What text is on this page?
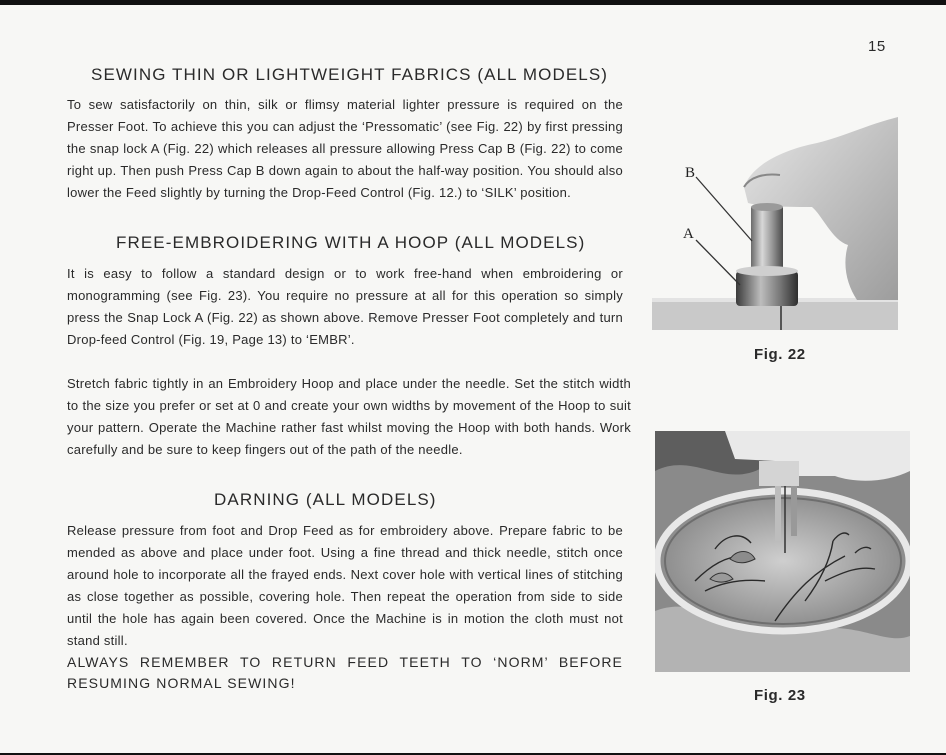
15
SEWING THIN OR LIGHTWEIGHT FABRICS (ALL MODELS)

To sew satisfactorily on thin, silk or flimsy material lighter pressure is required on the Presser Foot. To achieve this you can adjust the ‘Pressomatic’ (see Fig. 22) by first pressing the snap lock A (Fig. 22) which releases all pressure allowing Press Cap B (Fig. 22) to come right up. Then push Press Cap B down again to about the half-way position. You should also lower the Feed slightly by turning the Drop-Feed Control (Fig. 12.) to ‘SILK’ position.

FREE-EMBROIDERING WITH A HOOP (ALL MODELS)

It is easy to follow a standard design or to work free-hand when embroidering or monogramming (see Fig. 23). You require no pressure at all for this operation so simply press the Snap Lock A (Fig. 22) as shown above. Remove Presser Foot completely and turn Drop-feed Control (Fig. 19, Page 13) to ‘EMBR’.

Stretch fabric tightly in an Embroidery Hoop and place under the needle. Set the stitch width to the size you prefer or set at 0 and create your own widths by movement of the Hoop to suit your pattern. Operate the Machine rather fast whilst moving the Hoop with both hands. Work carefully and be sure to keep fingers out of the path of the needle.

DARNING (ALL MODELS)

Release pressure from foot and Drop Feed as for embroidery above. Prepare fabric to be mended as above and place under foot. Using a fine thread and thick needle, stitch once around hole to incorporate all the frayed ends. Next cover hole with vertical lines of stitching as close together as possible, covering hole. Then repeat the operation from side to side until the hole has again been covered. Once the Machine is in motion the cloth must not stand still.

ALWAYS REMEMBER TO RETURN FEED TEETH TO ‘NORM’ BEFORE RESUMING NORMAL SEWING!

B
A
Fig. 22
Fig. 23
